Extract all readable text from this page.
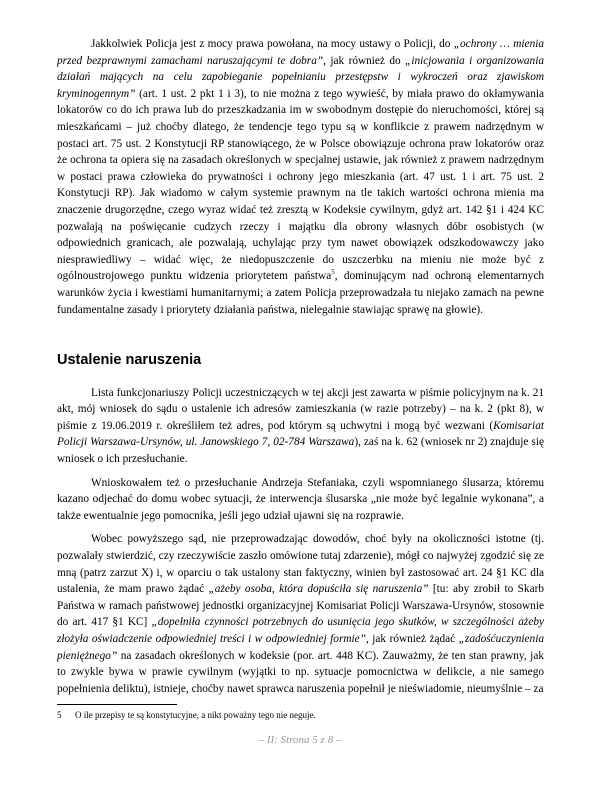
Jakkolwiek Policja jest z mocy prawa powołana, na mocy ustawy o Policji, do „ochrony … mienia przed bezprawnymi zamachami naruszającymi te dobra”, jak również do „inicjowania i organizowania działań mających na celu zapobieganie popełnianiu przestępstw i wykroczeń oraz zjawiskom kryminogennym” (art. 1 ust. 2 pkt 1 i 3), to nie można z tego wywieść, by miała prawo do okłamywania lokatorów co do ich prawa lub do przeszkadzania im w swobodnym dostępie do nieruchomości, której są mieszkańcami – już choćby dlatego, że tendencje tego typu są w konflikcie z prawem nadrzędnym w postaci art. 75 ust. 2 Konstytucji RP stanowiącego, że w Polsce obowiązuje ochrona praw lokatorów oraz że ochrona ta opiera się na zasadach określonych w specjalnej ustawie, jak również z prawem nadrzędnym w postaci prawa człowieka do prywatności i ochrony jego mieszkania (art. 47 ust. 1 i art. 75 ust. 2 Konstytucji RP). Jak wiadomo w całym systemie prawnym na tle takich wartości ochrona mienia ma znaczenie drugorzędne, czego wyraz widać też zresztą w Kodeksie cywilnym, gdyż art. 142 §1 i 424 KC pozwalają na poświęcanie cudzych rzeczy i majątku dla obrony własnych dóbr osobistych (w odpowiednich granicach, ale pozwalają, uchylając przy tym nawet obowiązek odszkodowawczy jako niesprawiedliwy – widać więc, że niedopuszczenie do uszczerbku na mieniu nie może być z ogólnoustrojowego punktu widzenia priorytetem państwa$^5$, dominującym nad ochroną elementarnych warunków życia i kwestiami humanitarnymi; a zatem Policja przeprowadzała tu niejako zamach na pewne fundamentalne zasady i priorytety działania państwa, nielegalnie stawiając sprawę na głowie).

Ustalenie naruszenia

Lista funkcjonariuszy Policji uczestniczących w tej akcji jest zawarta w piśmie policyjnym na k. 21 akt, mój wniosek do sądu o ustalenie ich adresów zamieszkania (w razie potrzeby) – na k. 2 (pkt 8), w piśmie z 19.06.2019 r. określiłem też adres, pod którym są uchwytni i mogą być wezwani (Komisariat Policji Warszawa-Ursynów, ul. Janowskiego 7, 02-784 Warszawa), zaś na k. 62 (wniosek nr 2) znajduje się wniosek o ich przesłuchanie.

Wnioskowałem też o przesłuchanie Andrzeja Stefaniaka, czyli wspomnianego ślusarza, któremu kazano odjechać do domu wobec sytuacji, że interwencja ślusarska „nie może być legalnie wykonana”, a także ewentualnie jego pomocnika, jeśli jego udział ujawni się na rozprawie.

Wobec powyższego sąd, nie przeprowadzając dowodów, choć były na okoliczności istotne (tj. pozwalały stwierdzić, czy rzeczywiście zaszło omówione tutaj zdarzenie), mógł co najwyżej zgodzić się ze mną (patrz zarzut X) i, w oparciu o tak ustalony stan faktyczny, winien był zastosować art. 24 §1 KC dla ustalenia, że mam prawo żądać „ażeby osoba, która dopuściła się naruszenia” [tu: aby zrobił to Skarb Państwa w ramach państwowej jednostki organizacyjnej Komisariat Policji Warszawa-Ursynów, stosownie do art. 417 §1 KC] „dopełniła czynności potrzebnych do usunięcia jego skutków, w szczególności ażeby złożyła oświadczenie odpowiedniej treści i w odpowiedniej formie”, jak również żądać „zadośćuczynienia pieniężnego” na zasadach określonych w kodeksie (por. art. 448 KC). Zauważmy, że ten stan prawny, jak to zwykle bywa w prawie cywilnym (wyjątki to np. sytuacje pomocnictwa w delikcie, a nie samego popełnienia deliktu), istnieje, choćby nawet sprawca naruszenia popełnił je nieświadomie, nieumyślnie – za

5 O ile przepisy te są konstytucyjne, a nikt poważny tego nie neguje.
– II: Strona 5 z 8 –
